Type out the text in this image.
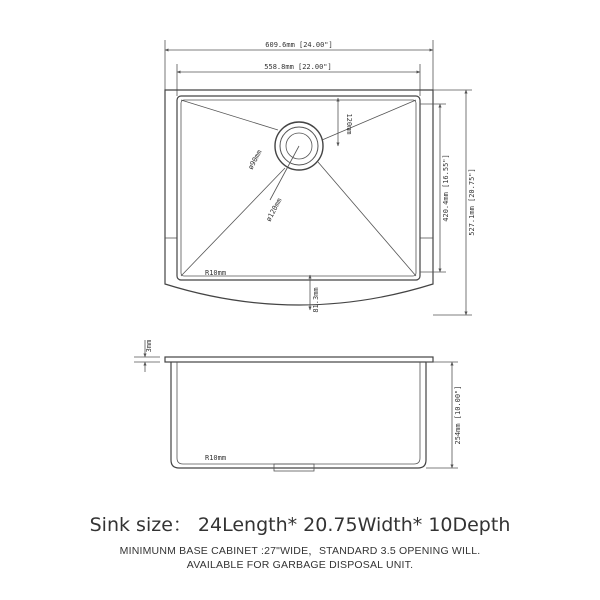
609.6mm [24.00"]
558.8mm [22.00"]
ø90mm
ø120mm
120mm
R10mm
81.3mm
420.4mm [16.55"]	527.1mm [20.75"]
3mm
R10mm
254mm [10.00"]
Sink size： 24Length* 20.75Width* 10Depth
MINIMUNM BASE CABINET :27"WIDE，STANDARD 3.5 OPENING WILL.
AVAILABLE FOR GARBAGE DISPOSAL UNIT.
